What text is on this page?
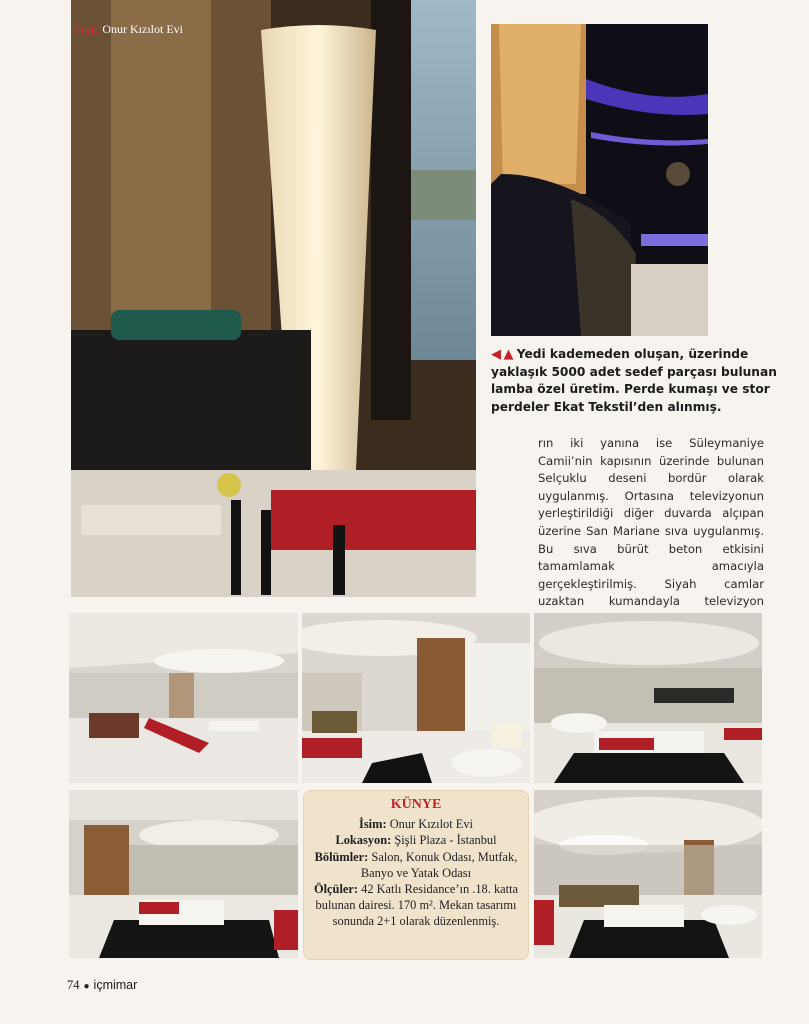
Proje Onur Kızılot Evi
◀ ▲ Yedi kademeden oluşan, üzerinde yaklaşık 5000 adet sedef parçası bulunan lamba özel üretim. Perde kumaşı ve stor perdeler Ekat Tekstil’den alınmış.
rın iki yanına ise Süleymaniye Camii’nin kapısının üzerinde bulunan Selçuklu deseni bordür olarak uygulanmış. Ortasına televizyonun yerleştirildiği diğer duvarda alçıpan üzerine San Mariane sıva uygulanmış. Bu sıva bürüt beton etkisini tamamlamak amacıyla gerçekleştirilmiş. Siyah camlar uzaktan kumandayla televizyon
KÜNYE
İsim: Onur Kızılot Evi
Lokasyon: Şişli Plaza - İstanbul
Bölümler: Salon, Konuk Odası, Mutfak, Banyo ve Yatak Odası
Ölçüler: 42 Katlı Residance’ın .18. katta bulunan dairesi. 170 m². Mekan tasarımı sonunda 2+1 olarak düzenlenmiş.
74 ● içmimar
